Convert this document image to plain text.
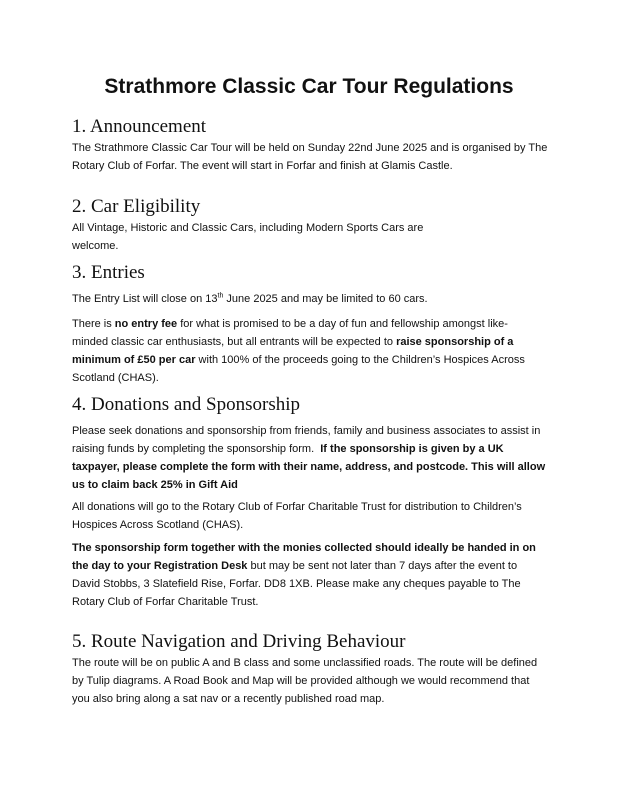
Strathmore Classic Car Tour Regulations
1. Announcement
The Strathmore Classic Car Tour will be held on Sunday 22nd June 2025 and is organised by The
Rotary Club of Forfar. The event will start in Forfar and finish at Glamis Castle.
2. Car Eligibility
All Vintage, Historic and Classic Cars, including Modern Sports Cars are
welcome.
3. Entries
The Entry List will close on 13th June 2025 and may be limited to 60 cars.
There is no entry fee for what is promised to be a day of fun and fellowship amongst like-
minded classic car enthusiasts, but all entrants will be expected to raise sponsorship of a
minimum of £50 per car with 100% of the proceeds going to the Children’s Hospices Across
Scotland (CHAS).
4. Donations and Sponsorship
Please seek donations and sponsorship from friends, family and business associates to assist in
raising funds by completing the sponsorship form.  If the sponsorship is given by a UK
taxpayer, please complete the form with their name, address, and postcode. This will allow
us to claim back 25% in Gift Aid
All donations will go to the Rotary Club of Forfar Charitable Trust for distribution to Children’s
Hospices Across Scotland (CHAS).
The sponsorship form together with the monies collected should ideally be handed in on
the day to your Registration Desk but may be sent not later than 7 days after the event to
David Stobbs, 3 Slatefield Rise, Forfar. DD8 1XB. Please make any cheques payable to The
Rotary Club of Forfar Charitable Trust.
5. Route Navigation and Driving Behaviour
The route will be on public A and B class and some unclassified roads. The route will be defined
by Tulip diagrams. A Road Book and Map will be provided although we would recommend that
you also bring along a sat nav or a recently published road map.
